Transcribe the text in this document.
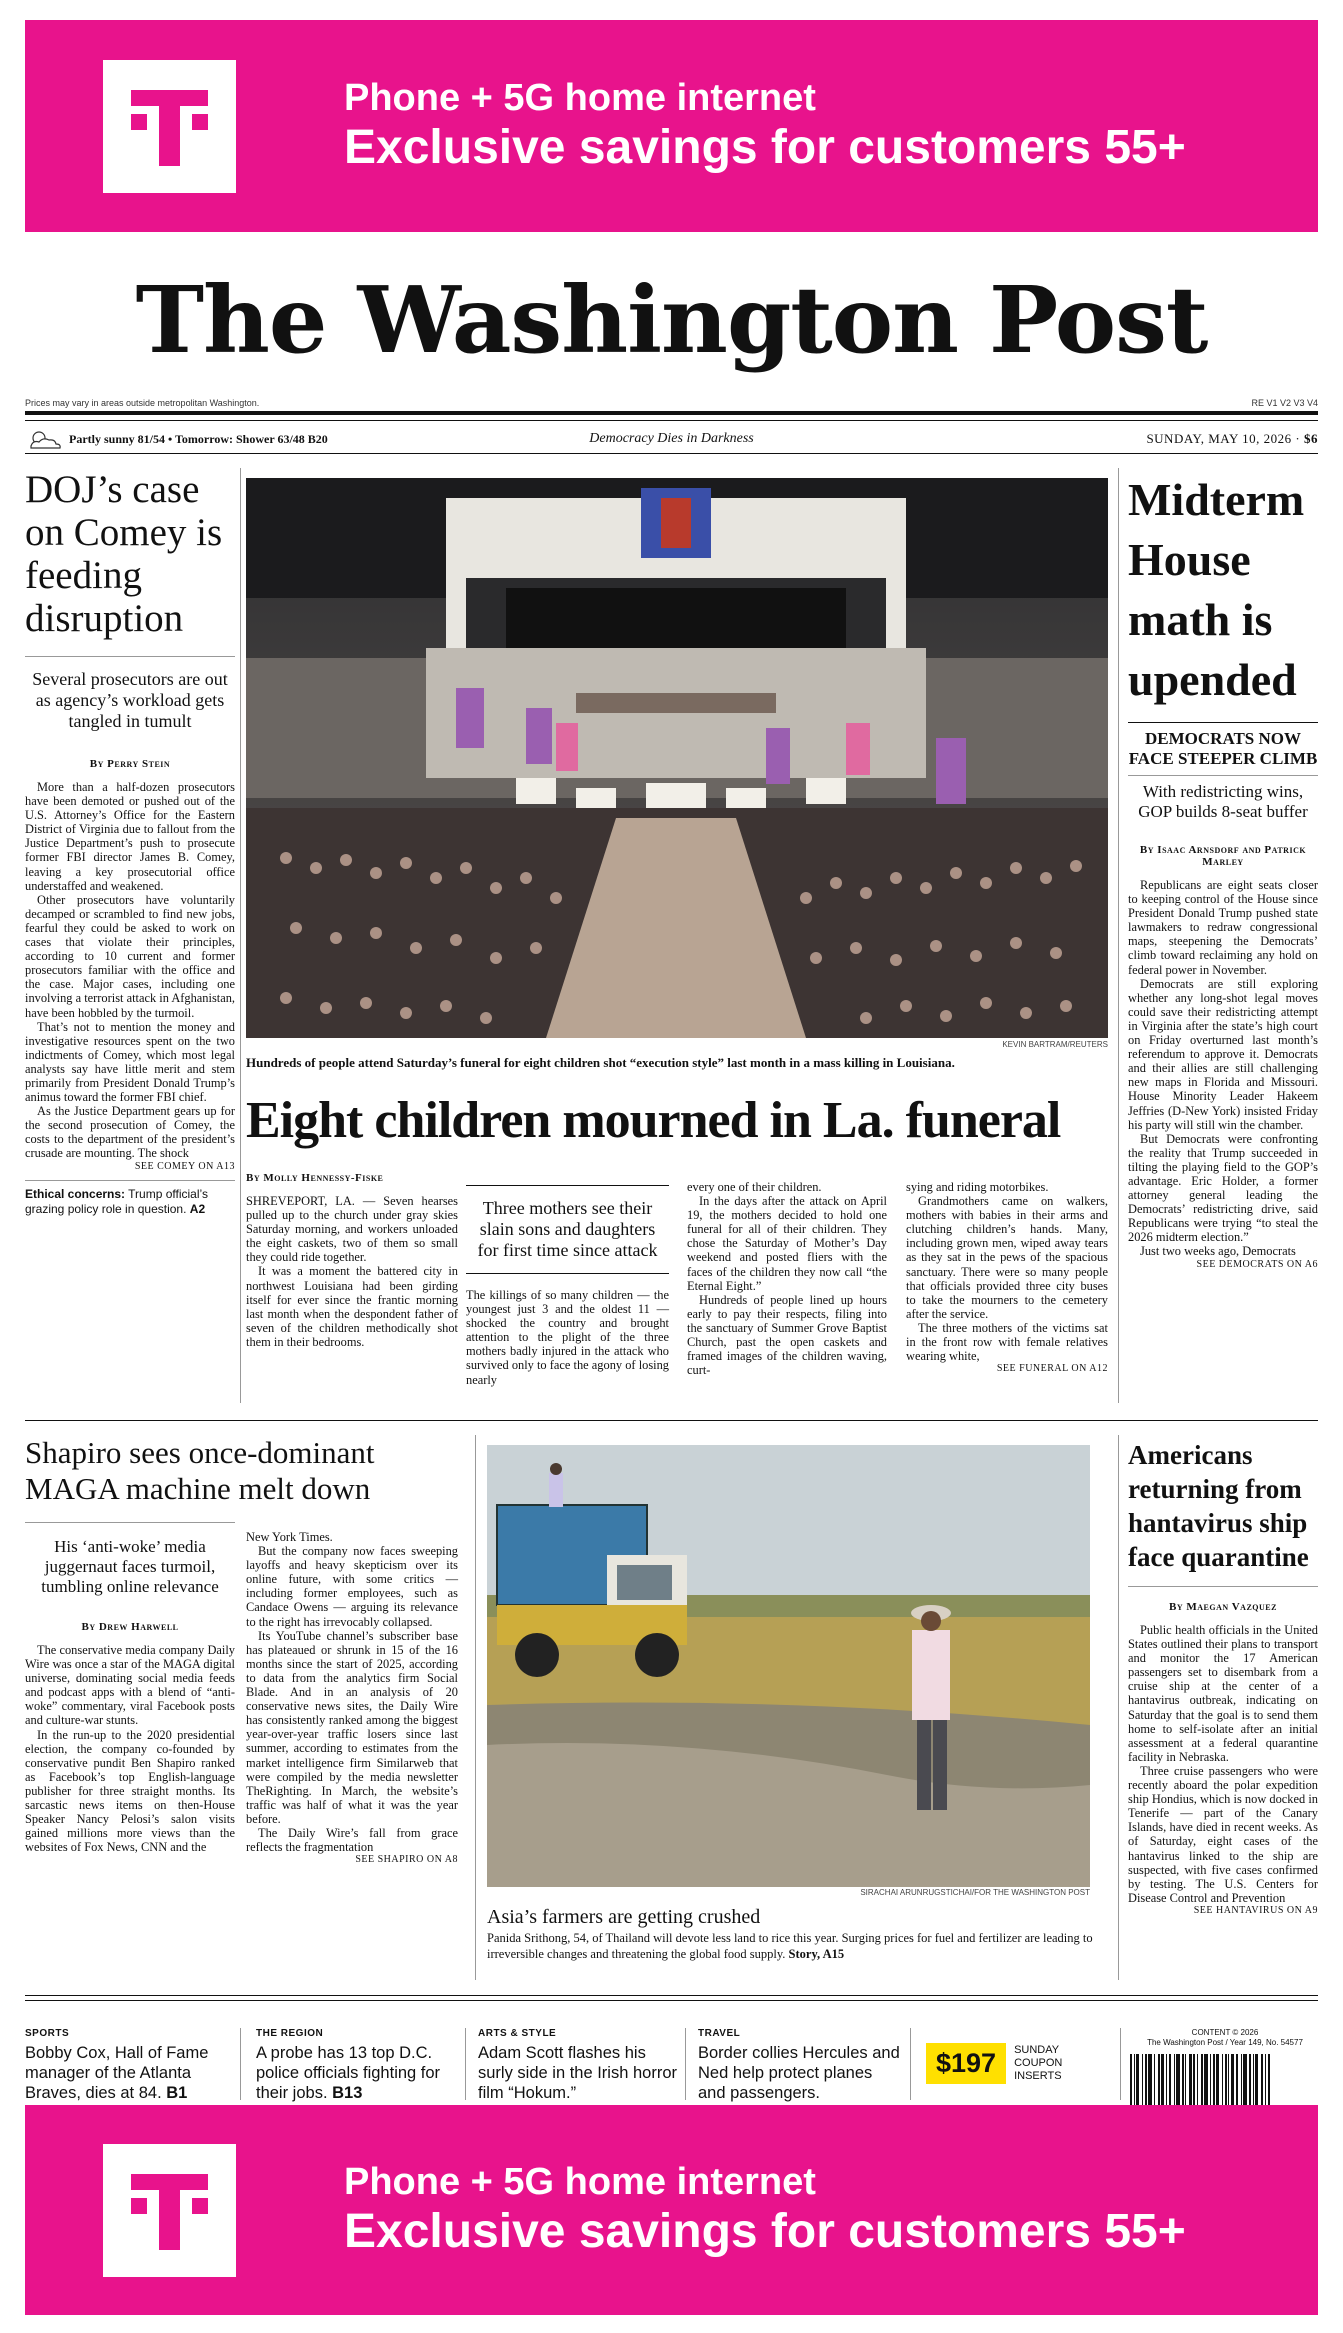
Phone + 5G home internet
Exclusive savings for customers 55+
The Washington Post
Prices may vary in areas outside metropolitan Washington.	RE V1 V2 V3 V4
Partly sunny 81/54 • Tomorrow: Shower 63/48 B20	Democracy Dies in Darkness	SUNDAY, MAY 10, 2026 · $6
DOJ’s case on Comey is feeding disruption
Several prosecutors are out as agency’s workload gets tangled in tumult
By Perry Stein

More than a half-dozen prosecutors have been demoted or pushed out of the U.S. Attorney’s Office for the Eastern District of Virginia due to fallout from the Justice Department’s push to prosecute former FBI director James B. Comey, leaving a key prosecutorial office understaffed and weakened.

Other prosecutors have voluntarily decamped or scrambled to find new jobs, fearful they could be asked to work on cases that violate their principles, according to 10 current and former prosecutors familiar with the office and the case. Major cases, including one involving a terrorist attack in Afghanistan, have been hobbled by the turmoil.

That’s not to mention the money and investigative resources spent on the two indictments of Comey, which most legal analysts say have little merit and stem primarily from President Donald Trump’s animus toward the former FBI chief.

As the Justice Department gears up for the second prosecution of Comey, the costs to the department of the president’s crusade are mounting. The shock

SEE COMEY ON A13
Ethical concerns: Trump official’s grazing policy role in question. A2
KEVIN BARTRAM/REUTERS
Hundreds of people attend Saturday’s funeral for eight children shot “execution style” last month in a mass killing in Louisiana.
Eight children mourned in La. funeral
By Molly Hennessy-Fiske

SHREVEPORT, LA. — Seven hearses pulled up to the church under gray skies Saturday morning, and workers unloaded the eight caskets, two of them so small they could ride together.

It was a moment the battered city in northwest Louisiana had been girding itself for ever since the frantic morning last month when the despondent father of seven of the children methodically shot them in their bedrooms.

Three mothers see their slain sons and daughters for first time since attack

The killings of so many children — the youngest just 3 and the oldest 11 — shocked the country and brought attention to the plight of the three mothers badly injured in the attack who survived only to face the agony of losing nearly

every one of their children.

In the days after the attack on April 19, the mothers decided to hold one funeral for all of their children. They chose the Saturday of Mother’s Day weekend and posted fliers with the faces of the children they now call “the Eternal Eight.”

Hundreds of people lined up hours early to pay their respects, filing into the sanctuary of Summer Grove Baptist Church, past the open caskets and framed images of the children waving, curt-

sying and riding motorbikes.

Grandmothers came on walkers, mothers with babies in their arms and clutching children’s hands. Many, including grown men, wiped away tears as they sat in the pews of the spacious sanctuary. There were so many people that officials provided three city buses to take the mourners to the cemetery after the service.

The three mothers of the victims sat in the front row with female relatives wearing white,

SEE FUNERAL ON A12
Midterm House math is upended
DEMOCRATS NOW FACE STEEPER CLIMB
With redistricting wins, GOP builds 8-seat buffer
By Isaac Arnsdorf and Patrick Marley

Republicans are eight seats closer to keeping control of the House since President Donald Trump pushed state lawmakers to redraw congressional maps, steepening the Democrats’ climb toward reclaiming any hold on federal power in November.

Democrats are still exploring whether any long-shot legal moves could save their redistricting attempt in Virginia after the state’s high court on Friday overturned last month’s referendum to approve it. Democrats and their allies are still challenging new maps in Florida and Missouri. House Minority Leader Hakeem Jeffries (D-New York) insisted Friday his party will still win the chamber.

But Democrats were confronting the reality that Trump succeeded in tilting the playing field to the GOP’s advantage. Eric Holder, a former attorney general leading the Democrats’ redistricting drive, said Republicans were trying “to steal the 2026 midterm election.”

Just two weeks ago, Democrats

SEE DEMOCRATS ON A6
Shapiro sees once-dominant MAGA machine melt down
His ‘anti-woke’ media juggernaut faces turmoil, tumbling online relevance
By Drew Harwell

The conservative media company Daily Wire was once a star of the MAGA digital universe, dominating social media feeds and podcast apps with a blend of “anti-woke” commentary, viral Facebook posts and culture-war stunts.

In the run-up to the 2020 presidential election, the company co-founded by conservative pundit Ben Shapiro ranked as Facebook’s top English-language publisher for three straight months. Its sarcastic news items on then-House Speaker Nancy Pelosi’s salon visits gained millions more views than the websites of Fox News, CNN and the

New York Times.

But the company now faces sweeping layoffs and heavy skepticism over its online future, with some critics — including former employees, such as Candace Owens — arguing its relevance to the right has irrevocably collapsed.

Its YouTube channel’s subscriber base has plateaued or shrunk in 15 of the 16 months since the start of 2025, according to data from the analytics firm Social Blade. And in an analysis of 20 conservative news sites, the Daily Wire has consistently ranked among the biggest year-over-year traffic losers since last summer, according to estimates from the market intelligence firm Similarweb that were compiled by the media newsletter TheRighting. In March, the website’s traffic was half of what it was the year before.

The Daily Wire’s fall from grace reflects the fragmentation

SEE SHAPIRO ON A8
SIRACHAI ARUNRUGSTICHAI/FOR THE WASHINGTON POST
Asia’s farmers are getting crushed
Panida Srithong, 54, of Thailand will devote less land to rice this year. Surging prices for fuel and fertilizer are leading to irreversible changes and threatening the global food supply. Story, A15
Americans returning from hantavirus ship face quarantine
By Maegan Vazquez

Public health officials in the United States outlined their plans to transport and monitor the 17 American passengers set to disembark from a cruise ship at the center of a hantavirus outbreak, indicating on Saturday that the goal is to send them home to self-isolate after an initial assessment at a federal quarantine facility in Nebraska.

Three cruise passengers who were recently aboard the polar expedition ship Hondius, which is now docked in Tenerife — part of the Canary Islands, have died in recent weeks. As of Saturday, eight cases of the hantavirus linked to the ship are suspected, with five cases confirmed by testing. The U.S. Centers for Disease Control and Prevention

SEE HANTAVIRUS ON A9
SPORTS
Bobby Cox, Hall of Fame manager of the Atlanta Braves, dies at 84. B1
THE REGION
A probe has 13 top D.C. police officials fighting for their jobs. B13
ARTS & STYLE
Adam Scott flashes his surly side in the Irish horror film “Hokum.”
TRAVEL
Border collies Hercules and Ned help protect planes and passengers.
$197	SUNDAY
COUPON
INSERTS
CONTENT © 2026
The Washington Post / Year 149, No. 54577
Phone + 5G home internet
Exclusive savings for customers 55+
